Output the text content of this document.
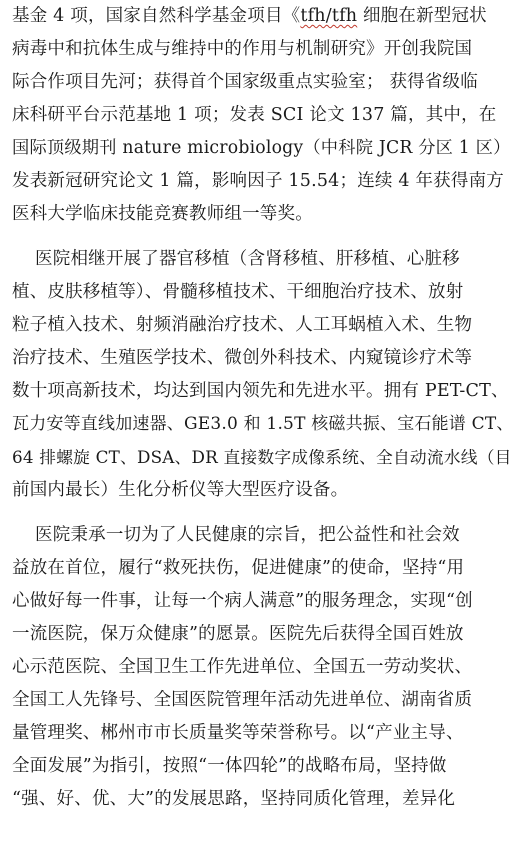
基金 4 项，国家自然科学基金项目《tfh/tfh 细胞在新型冠状
病毒中和抗体生成与维持中的作用与机制研究》开创我院国
际合作项目先河；获得首个国家级重点实验室； 获得省级临
床科研平台示范基地 1 项；发表 SCI 论文 137 篇，其中，在
国际顶级期刊 nature microbiology（中科院 JCR 分区 1 区）
发表新冠研究论文 1 篇，影响因子 15.54；连续 4 年获得南方
医科大学临床技能竞赛教师组一等奖。
医院相继开展了器官移植（含肾移植、肝移植、心脏移
植、皮肤移植等）、骨髓移植技术、干细胞治疗技术、放射
粒子植入技术、射频消融治疗技术、人工耳蜗植入术、生物
治疗技术、生殖医学技术、微创外科技术、内窥镜诊疗术等
数十项高新技术，均达到国内领先和先进水平。拥有 PET-CT、
瓦力安等直线加速器、GE3.0 和 1.5T 核磁共振、宝石能谱 CT、
64 排螺旋 CT、DSA、DR 直接数字成像系统、全自动流水线（目
前国内最长）生化分析仪等大型医疗设备。
医院秉承一切为了人民健康的宗旨，把公益性和社会效
益放在首位，履行“救死扶伤，促进健康”的使命，坚持“用
心做好每一件事，让每一个病人满意”的服务理念，实现“创
一流医院，保万众健康”的愿景。医院先后获得全国百姓放
心示范医院、全国卫生工作先进单位、全国五一劳动奖状、
全国工人先锋号、全国医院管理年活动先进单位、湖南省质
量管理奖、郴州市市长质量奖等荣誉称号。以“产业主导、
全面发展”为指引，按照“一体四轮”的战略布局，坚持做
“强、好、优、大”的发展思路，坚持同质化管理，差异化
